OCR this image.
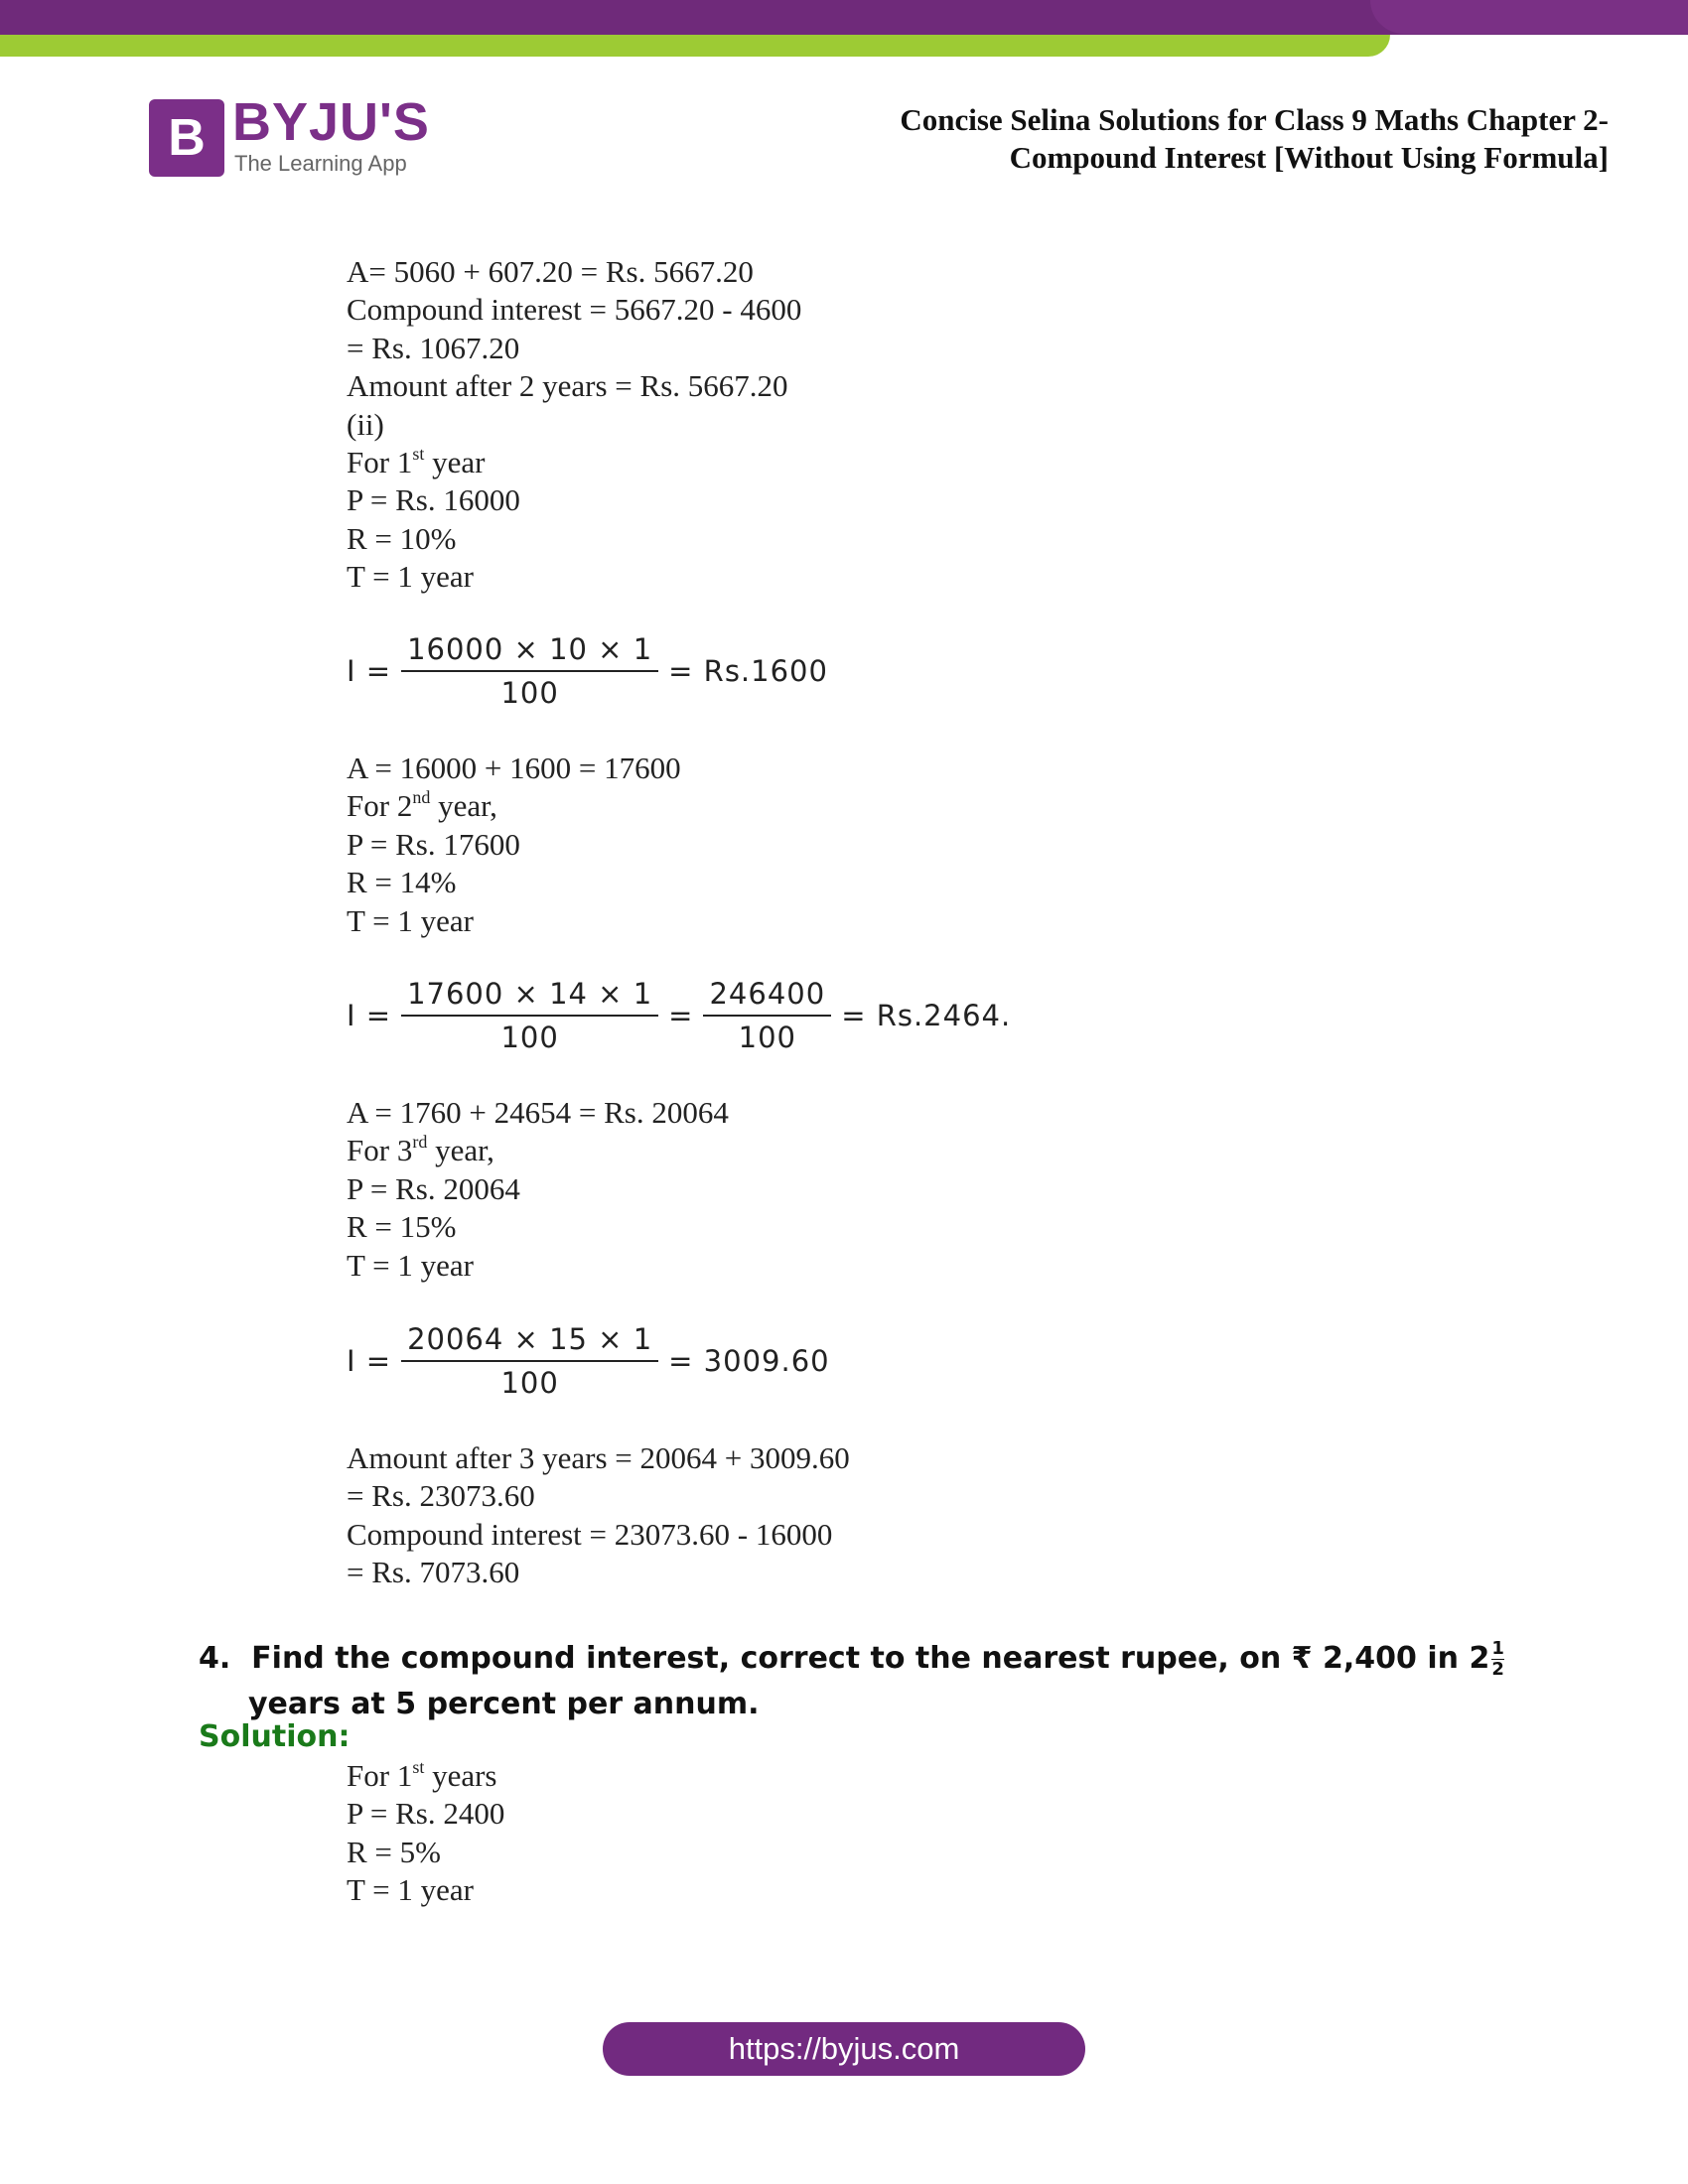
B BYJU'S
The Learning App
Concise Selina Solutions for Class 9 Maths Chapter 2-
Compound Interest [Without Using Formula]
A= 5060 + 607.20 = Rs. 5667.20
Compound interest = 5667.20 - 4600
= Rs. 1067.20
Amount after 2 years = Rs. 5667.20
(ii)
For 1st year
P = Rs. 16000
R = 10%
T = 1 year
$I = \frac{16000 \times 10 \times 1}{100} = Rs.1600$
A = 16000 + 1600 = 17600
For 2nd year,
P = Rs. 17600
R = 14%
T = 1 year
$I = \frac{17600 \times 14 \times 1}{100} = \frac{246400}{100} = Rs.2464$.
A = 1760 + 24654 = Rs. 20064
For 3rd year,
P = Rs. 20064
R = 15%
T = 1 year
$I = \frac{20064 \times 15 \times 1}{100} = 3009.60$
Amount after 3 years = 20064 + 3009.60
= Rs. 23073.60
Compound interest = 23073.60 - 16000
= Rs. 7073.60
4. Find the compound interest, correct to the nearest rupee, on ₹ 2,400 in $2 \frac{1}{2}$
years at 5 percent per annum.
Solution:
For 1st years
P = Rs. 2400
R = 5%
T = 1 year
https://byjus.com
